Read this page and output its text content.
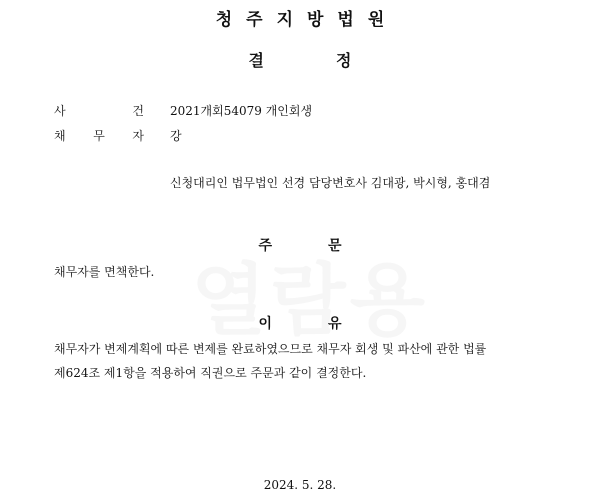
청주지방법원
결정
사	건 2021개회54079 개인회생
채 무 자 강
신청대리인 법무법인 선경 담당변호사 김대광, 박시형, 홍대겸
주문
채무자를 면책한다.
이유
채무자가 변제계획에 따른 변제를 완료하였으므로 채무자 회생 및 파산에 관한 법률
제624조 제1항을 적용하여 직권으로 주문과 같이 결정한다.
2024. 5. 28.
